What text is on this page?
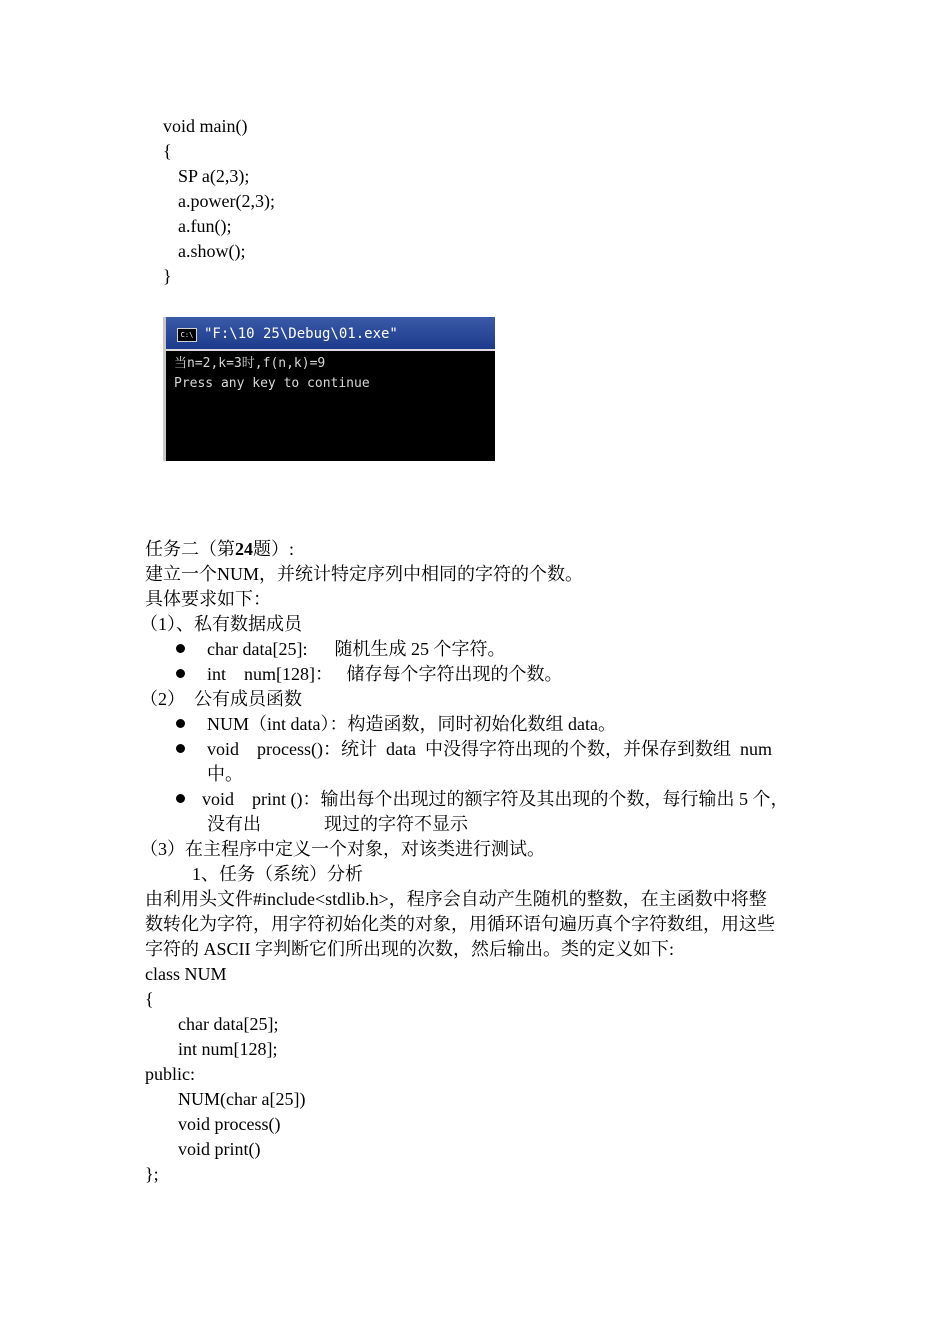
void main()
{
SP a(2,3);
a.power(2,3);
a.fun();
a.show();
}
C:\ "F:\10 25\Debug\01.exe"
当n=2,k=3时,f(n,k)=9
Press any key to continue
任务二（第24题）:
建立一个NUM，并统计特定序列中相同的字符的个数。
具体要求如下：
（1）、私有数据成员
char data[25]:      随机生成 25 个字符。
int    num[128]：   储存每个字符出现的个数。
（2）  公有成员函数
NUM（int data）：构造函数，同时初始化数组 data。
void    process()：统计  data  中没得字符出现的个数，并保存到数组  num
中。
void    print ()：输出每个出现过的额字符及其出现的个数，每行输出 5 个，
没有出              现过的字符不显示
（3）在主程序中定义一个对象，对该类进行测试。
1、任务（系统）分析
由利用头文件#include<stdlib.h>，程序会自动产生随机的整数，在主函数中将整
数转化为字符，用字符初始化类的对象，用循环语句遍历真个字符数组，用这些
字符的 ASCII 字判断它们所出现的次数，然后输出。类的定义如下:
class NUM
{
char data[25];
int num[128];
public:
NUM(char a[25])
void process()
void print()
};
